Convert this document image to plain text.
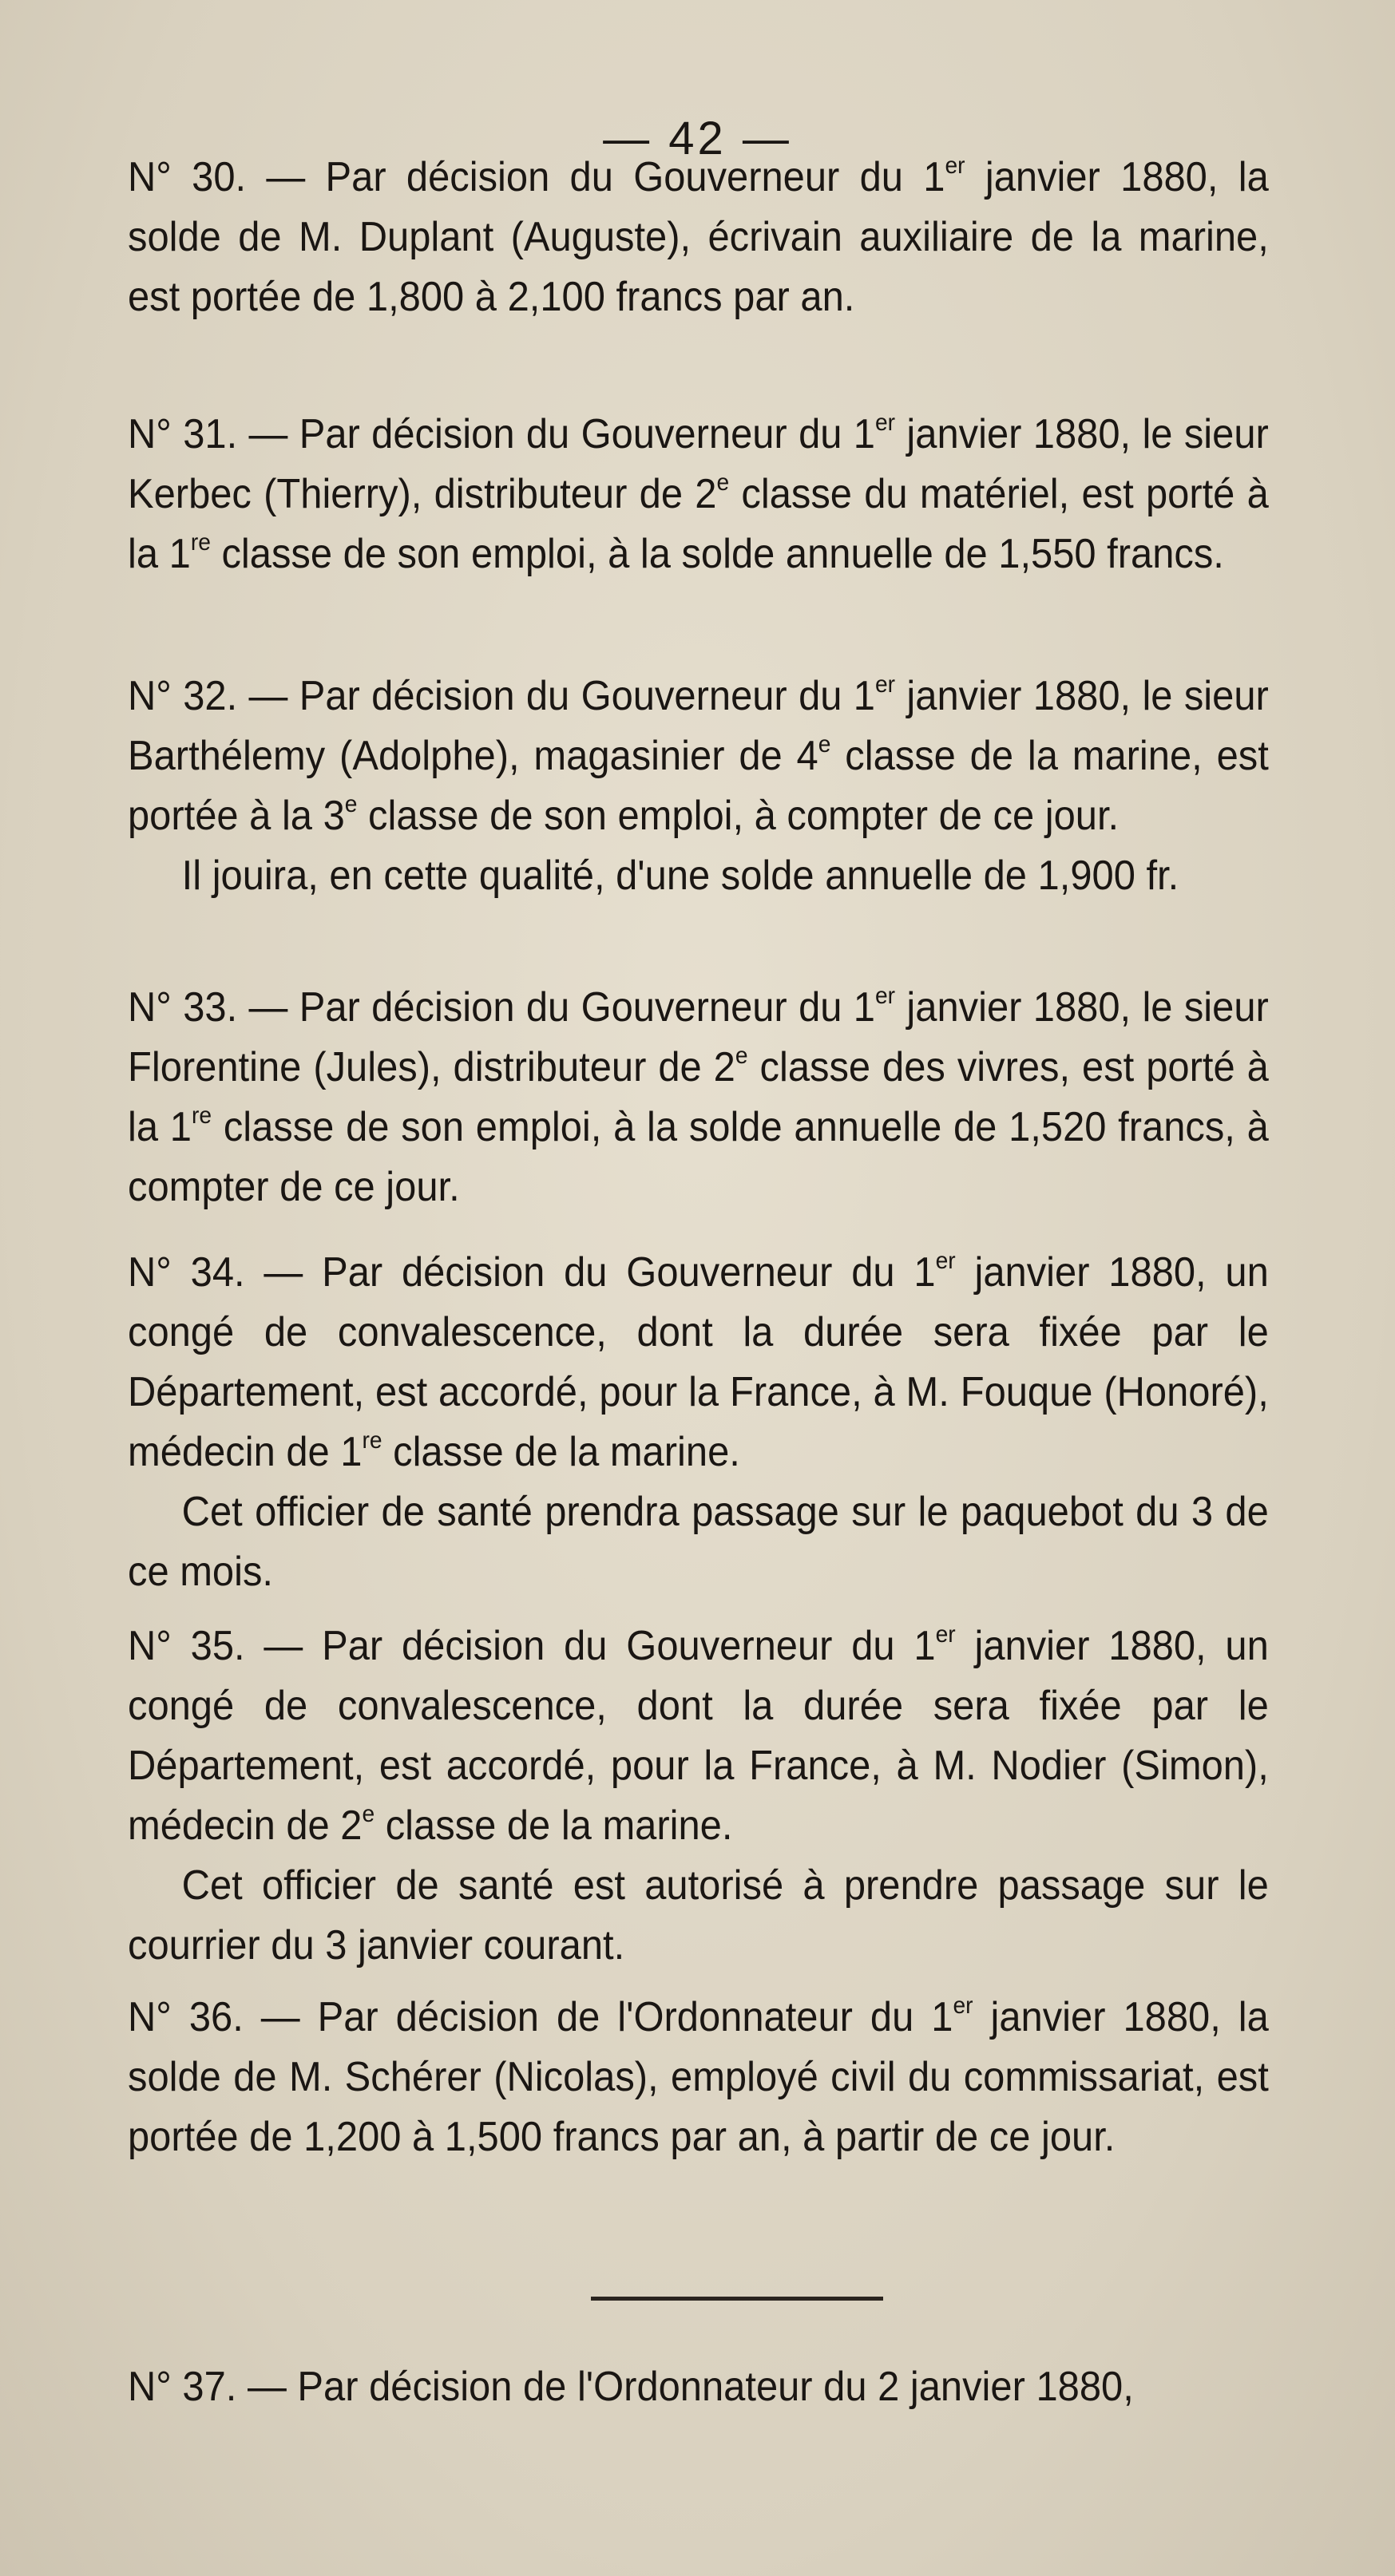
— 42 —

N° 30. — Par décision du Gouverneur du 1er janvier 1880, la solde de M. Duplant (Auguste), écrivain auxiliaire de la marine, est portée de 1,800 à 2,100 francs par an.

N° 31. — Par décision du Gouverneur du 1er janvier 1880, le sieur Kerbec (Thierry), distributeur de 2e classe du matériel, est porté à la 1re classe de son emploi, à la solde annuelle de 1,550 francs.

N° 32. — Par décision du Gouverneur du 1er janvier 1880, le sieur Barthélemy (Adolphe), magasinier de 4e classe de la marine, est portée à la 3e classe de son emploi, à compter de ce jour.

Il jouira, en cette qualité, d'une solde annuelle de 1,900 fr.

N° 33. — Par décision du Gouverneur du 1er janvier 1880, le sieur Florentine (Jules), distributeur de 2e classe des vivres, est porté à la 1re classe de son emploi, à la solde annuelle de 1,520 francs, à compter de ce jour.

N° 34. — Par décision du Gouverneur du 1er janvier 1880, un congé de convalescence, dont la durée sera fixée par le Département, est accordé, pour la France, à M. Fouque (Honoré), médecin de 1re classe de la marine.

Cet officier de santé prendra passage sur le paquebot du 3 de ce mois.

N° 35. — Par décision du Gouverneur du 1er janvier 1880, un congé de convalescence, dont la durée sera fixée par le Département, est accordé, pour la France, à M. Nodier (Simon), médecin de 2e classe de la marine.

Cet officier de santé est autorisé à prendre passage sur le courrier du 3 janvier courant.

N° 36. — Par décision de l'Ordonnateur du 1er janvier 1880, la solde de M. Schérer (Nicolas), employé civil du commissariat, est portée de 1,200 à 1,500 francs par an, à partir de ce jour.

N° 37. — Par décision de l'Ordonnateur du 2 janvier 1880,
